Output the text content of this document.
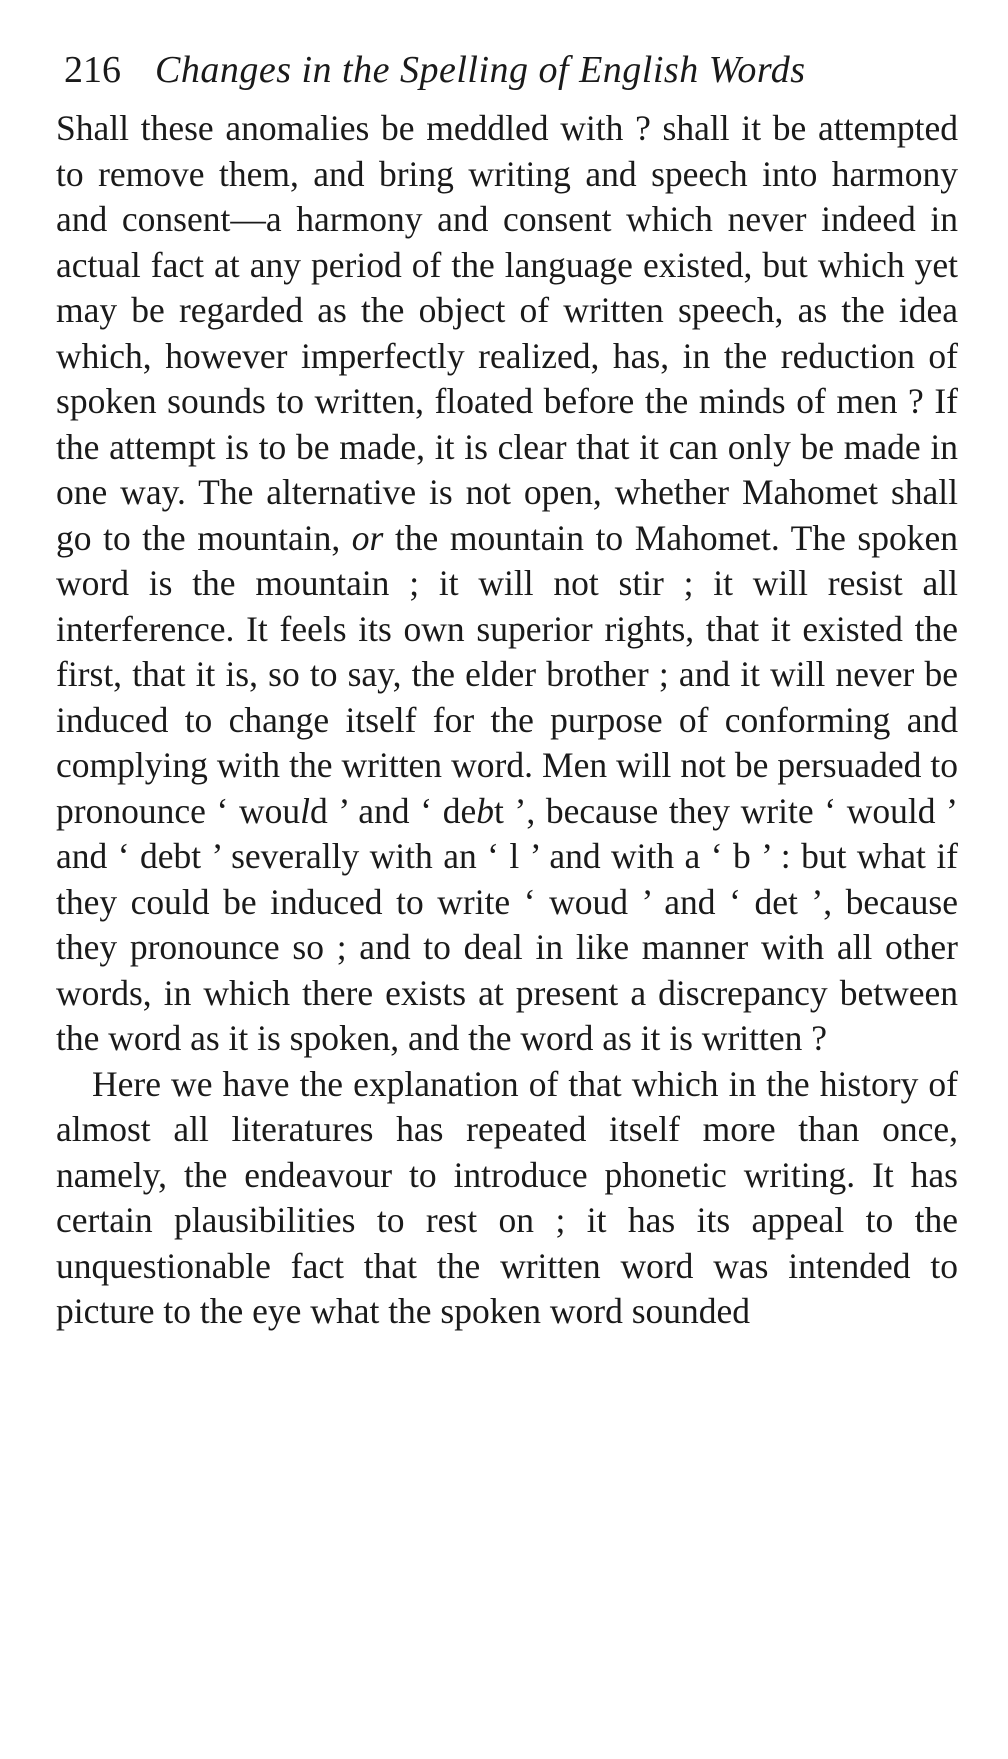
216 Changes in the Spelling of English Words

Shall these anomalies be meddled with ? shall it be attempted to remove them, and bring writing and speech into harmony and consent—a harmony and consent which never indeed in actual fact at any period of the language existed, but which yet may be regarded as the object of written speech, as the idea which, however imperfectly realized, has, in the reduction of spoken sounds to written, floated before the minds of men ? If the attempt is to be made, it is clear that it can only be made in one way. The alternative is not open, whether Mahomet shall go to the mountain, or the mountain to Mahomet. The spoken word is the mountain ; it will not stir ; it will resist all interference. It feels its own superior rights, that it existed the first, that it is, so to say, the elder brother ; and it will never be induced to change itself for the purpose of conforming and complying with the written word. Men will not be persuaded to pronounce ‘ would ’ and ‘ debt ’, because they write ‘ would ’ and ‘ debt ’ severally with an ‘ l ’ and with a ‘ b ’ : but what if they could be induced to write ‘ woud ’ and ‘ det ’, because they pronounce so ; and to deal in like manner with all other words, in which there exists at present a discrepancy between the word as it is spoken, and the word as it is written ?

Here we have the explanation of that which in the history of almost all literatures has repeated itself more than once, namely, the endeavour to introduce phonetic writing. It has certain plausibilities to rest on ; it has its appeal to the unquestionable fact that the written word was intended to picture to the eye what the spoken word sounded
